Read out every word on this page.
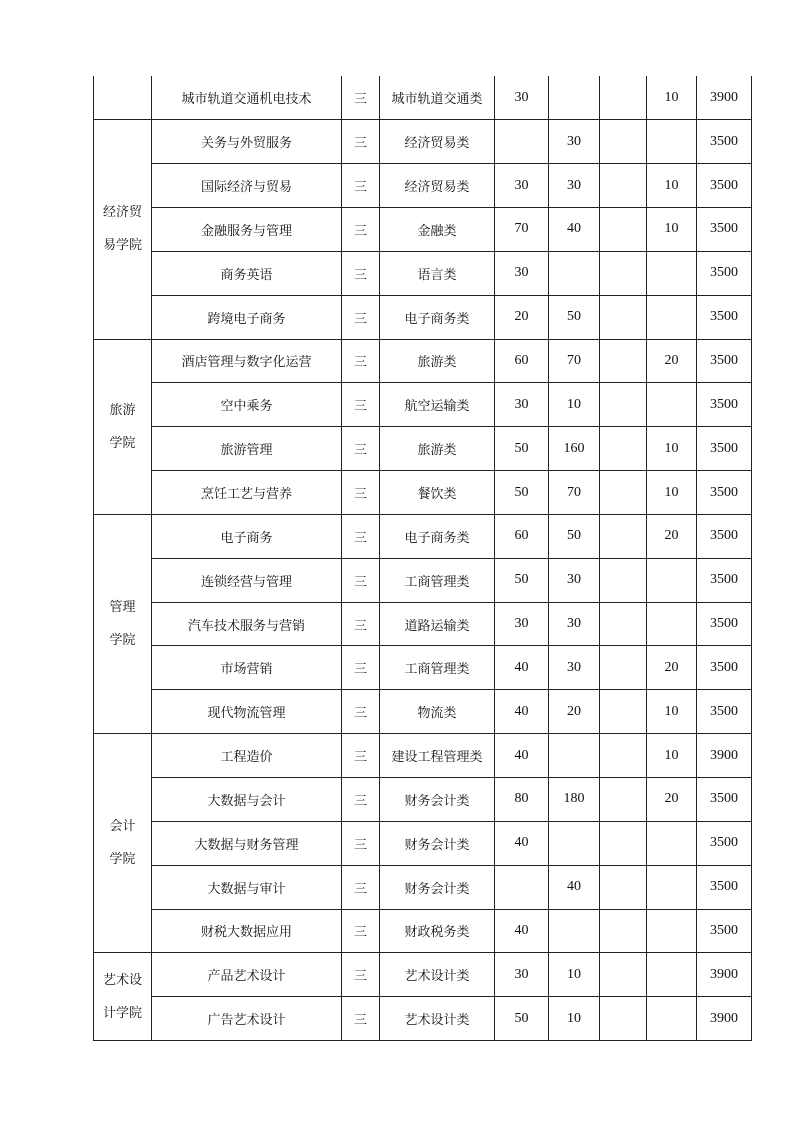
	城市轨道交通机电技术	三	城市轨道交通类	30			10	3900

经济贸
易学院	关务与外贸服务	三	经济贸易类		30			3500
	国际经济与贸易	三	经济贸易类	30	30		10	3500
	金融服务与管理	三	金融类	70	40		10	3500
	商务英语	三	语言类	30				3500
	跨境电子商务	三	电子商务类	20	50			3500

旅游
学院	酒店管理与数字化运营	三	旅游类	60	70		20	3500
	空中乘务	三	航空运输类	30	10			3500
	旅游管理	三	旅游类	50	160		10	3500
	烹饪工艺与营养	三	餐饮类	50	70		10	3500

管理
学院	电子商务	三	电子商务类	60	50		20	3500
	连锁经营与管理	三	工商管理类	50	30			3500
	汽车技术服务与营销	三	道路运输类	30	30			3500
	市场营销	三	工商管理类	40	30		20	3500
	现代物流管理	三	物流类	40	20		10	3500

会计
学院	工程造价	三	建设工程管理类	40			10	3900
	大数据与会计	三	财务会计类	80	180		20	3500
	大数据与财务管理	三	财务会计类	40				3500
	大数据与审计	三	财务会计类		40			3500
	财税大数据应用	三	财政税务类	40				3500

艺术设
计学院	产品艺术设计	三	艺术设计类	30	10			3900
	广告艺术设计	三	艺术设计类	50	10			3900
